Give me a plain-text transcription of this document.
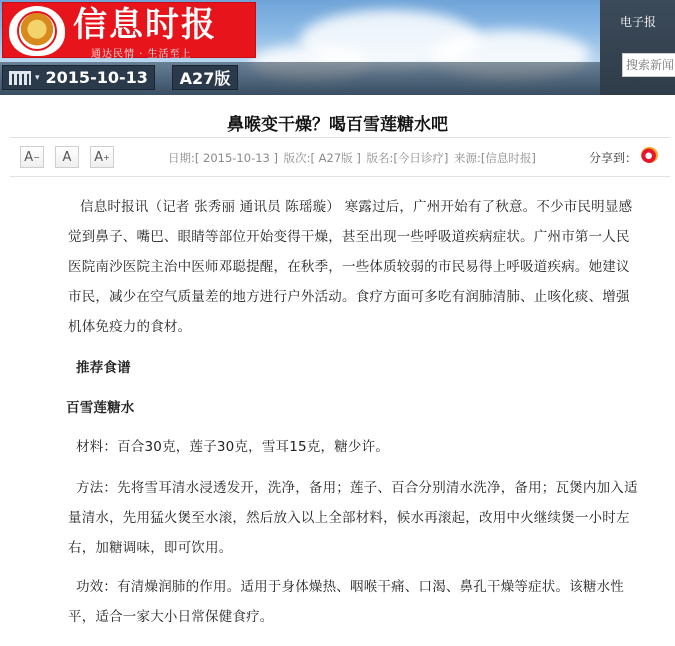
信息时报
通达民情 · 生活至上
▾ 2015-10-13	A27版
电子报
搜索新闻
鼻喉变干燥？喝百雪莲糖水吧
A −	A	A +	日期:[ 2015-10-13 ] 版次:[ A27版 ] 版名:[今日诊疗] 来源:[信息时报]	分享到：
信息时报讯（记者 张秀丽 通讯员 陈瑶璇） 寒露过后，广州开始有了秋意。不少市民明显感觉到鼻子、嘴巴、眼睛等部位开始变得干燥，甚至出现一些呼吸道疾病症状。广州市第一人民医院南沙医院主治中医师邓聪提醒，在秋季，一些体质较弱的市民易得上呼吸道疾病。她建议市民，减少在空气质量差的地方进行户外活动。食疗方面可多吃有润肺清肺、止咳化痰、增强机体免疫力的食材。
推荐食谱
百雪莲糖水
材料：百合30克，莲子30克，雪耳15克，糖少许。
方法：先将雪耳清水浸透发开，洗净，备用；莲子、百合分别清水洗净，备用；瓦煲内加入适量清水，先用猛火煲至水滚，然后放入以上全部材料，候水再滚起，改用中火继续煲一小时左右，加糖调味，即可饮用。
功效：有清燥润肺的作用。适用于身体燥热、咽喉干痛、口渴、鼻孔干燥等症状。该糖水性平，适合一家大小日常保健食疗。
